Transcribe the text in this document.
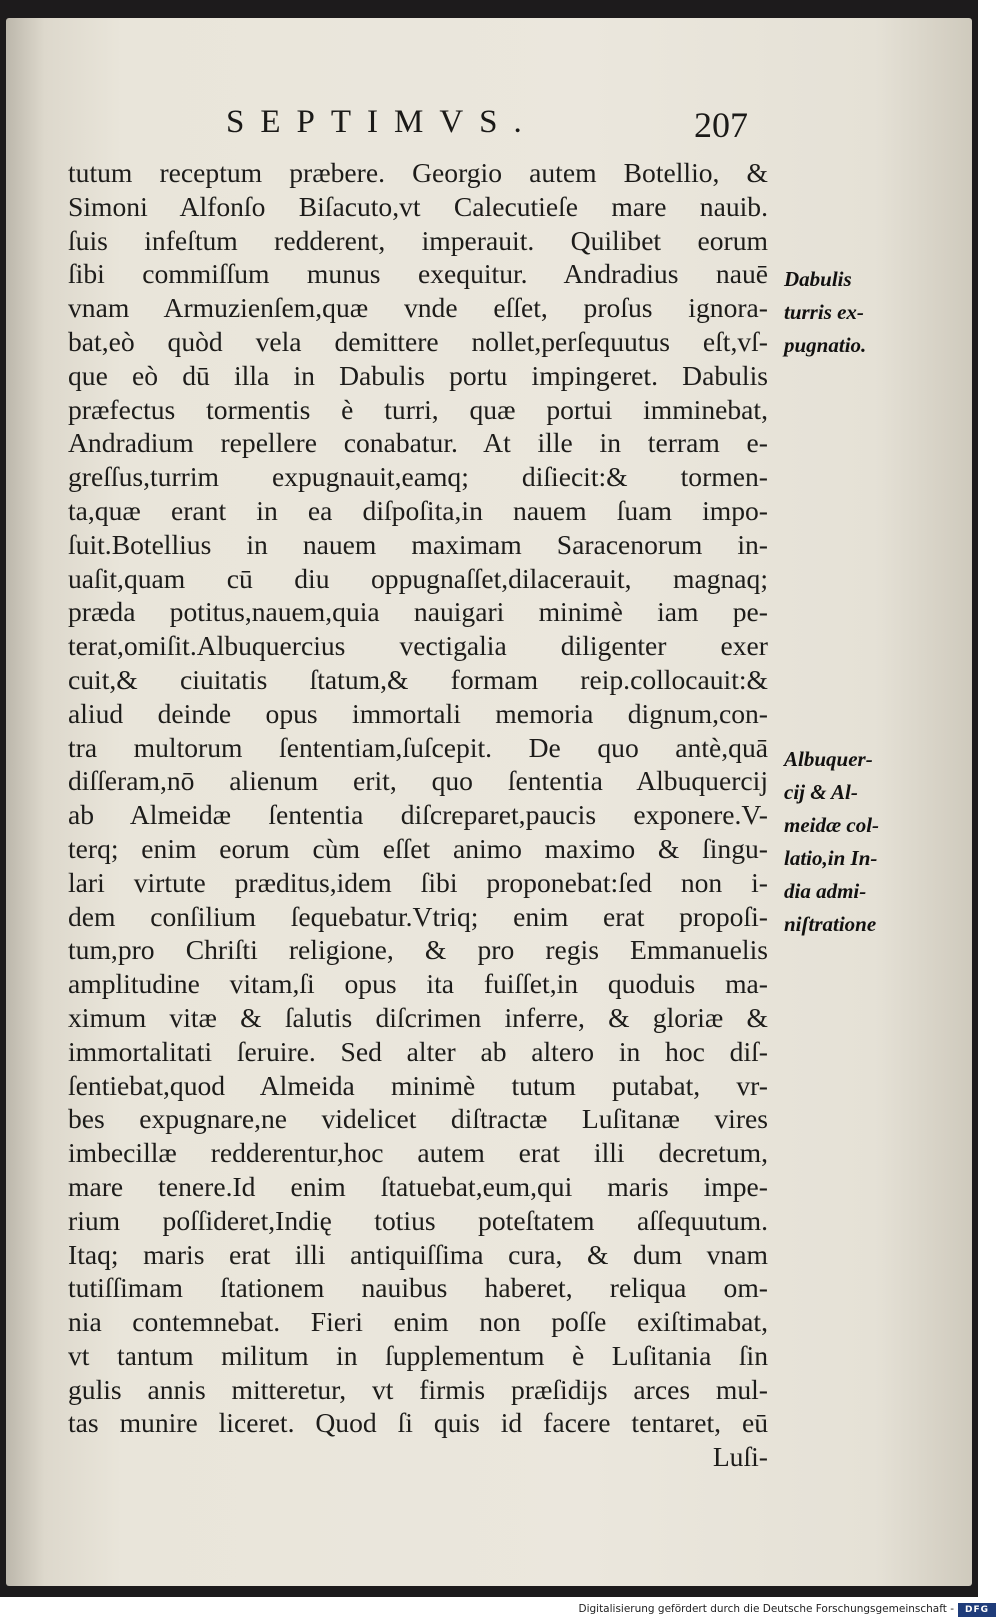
SEPTIMVS.	207
tutum receptum præbere. Georgio autem Botellio, &
Simoni Alfonſo Biſacuto,vt Calecutieſe mare nauib.
ſuis infeſtum redderent, imperauit. Quilibet eorum
ſibi commiſſum munus exequitur. Andradius nauē
vnam Armuzienſem,quæ vnde eſſet, proſus ignora-
bat,eò quòd vela demittere nollet,perſequutus eſt,vſ-
que eò dū illa in Dabulis portu impingeret. Dabulis
præfectus tormentis è turri, quæ portui imminebat,
Andradium repellere conabatur. At ille in terram e-
greſſus,turrim expugnauit,eamq; diſiecit:& tormen-
ta,quæ erant in ea diſpoſita,in nauem ſuam impo-
ſuit.Botellius in nauem maximam Saracenorum in-
uaſit,quam cū diu oppugnaſſet,dilacerauit, magnaq;
præda potitus,nauem,quia nauigari minimè iam pe-
terat,omiſit.Albuquercius vectigalia diligenter exer
cuit,& ciuitatis ſtatum,& formam reip.collocauit:&
aliud deinde opus immortali memoria dignum,con-
tra multorum ſententiam,ſuſcepit. De quo antè,quā
diſſeram,nō alienum erit, quo ſententia Albuquercij
ab Almeidæ ſententia diſcreparet,paucis exponere.V-
terq; enim eorum cùm eſſet animo maximo & ſingu-
lari virtute præditus,idem ſibi proponebat:ſed non i-
dem conſilium ſequebatur.Vtriq; enim erat propoſi-
tum,pro Chriſti religione, & pro regis Emmanuelis
amplitudine vitam,ſi opus ita fuiſſet,in quoduis ma-
ximum vitæ & ſalutis diſcrimen inferre, & gloriæ &
immortalitati ſeruire. Sed alter ab altero in hoc diſ-
ſentiebat,quod Almeida minimè tutum putabat, vr-
bes expugnare,ne videlicet diſtractæ Luſitanæ vires
imbecillæ redderentur,hoc autem erat illi decretum,
mare tenere.Id enim ſtatuebat,eum,qui maris impe-
rium poſſideret,Indię totius poteſtatem aſſequutum.
Itaq; maris erat illi antiquiſſima cura, & dum vnam
tutiſſimam ſtationem nauibus haberet, reliqua om-
nia contemnebat. Fieri enim non poſſe exiſtimabat,
vt tantum militum in ſupplementum è Luſitania ſin
gulis annis mitteretur, vt firmis præſidijs arces mul-
tas munire liceret. Quod ſi quis id facere tentaret, eū
Luſi-
Dabulis
turris ex-
pugnatio.
Albuquer-
cij & Al-
meidæ col-
latio,in In-
dia admi-
niſtratione
Digitalisierung gefördert durch die Deutsche Forschungsgemeinschaft -	DFG
